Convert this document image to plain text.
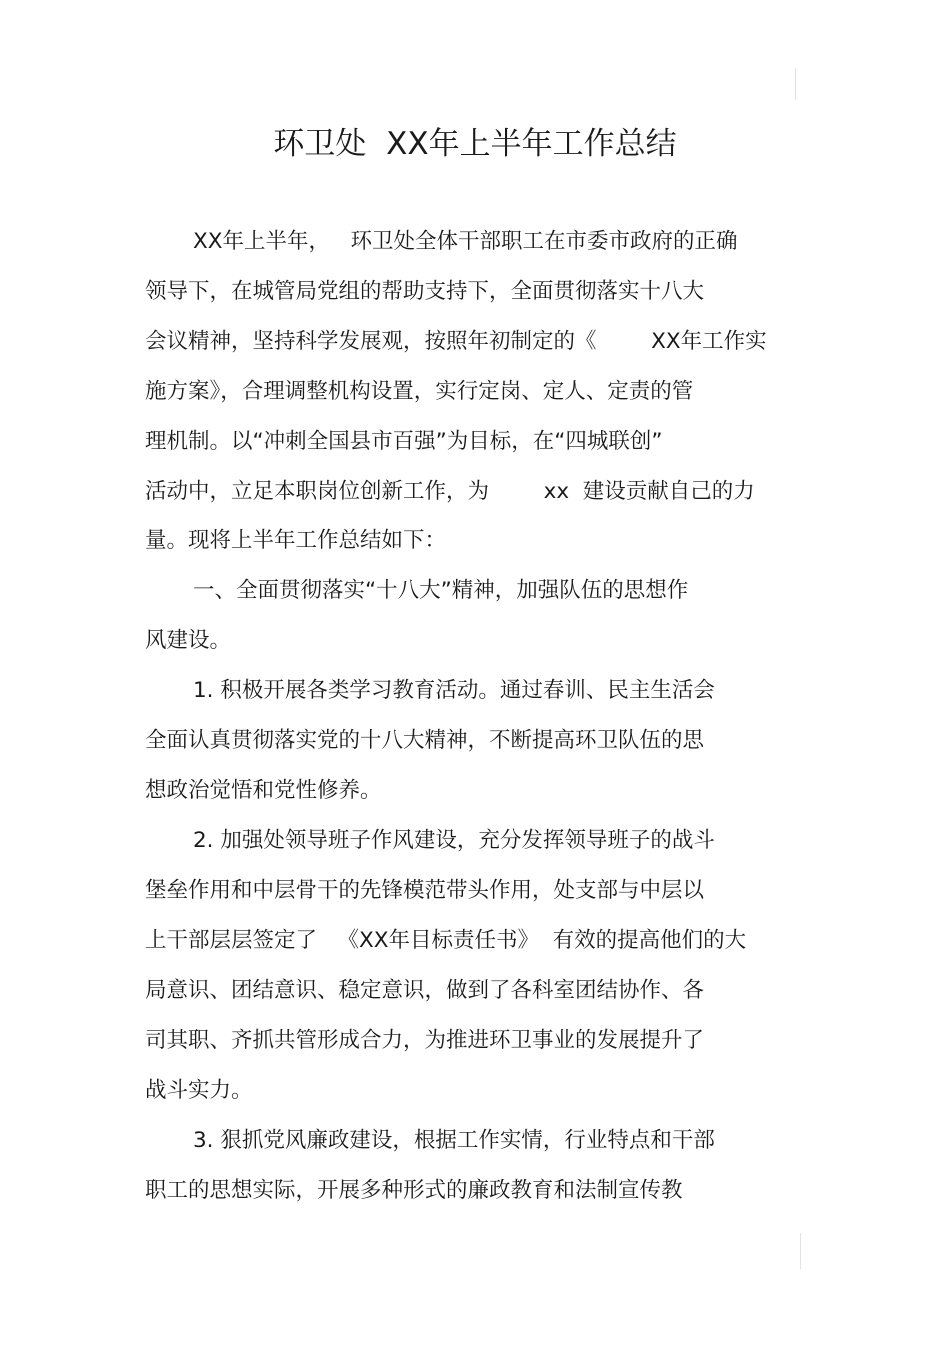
环卫处  XX年上半年工作总结
XX年上半年，   环卫处全体干部职工在市委市政府的正确
领导下，在城管局党组的帮助支持下，全面贯彻落实十八大
会议精神，坚持科学发展观，按照年初制定的《        XX年工作实
施方案》，合理调整机构设置，实行定岗、定人、定责的管
理机制。以“冲刺全国县市百强”为目标，在“四城联创”
活动中，立足本职岗位创新工作，为        xx  建设贡献自己的力
量。现将上半年工作总结如下：
一、全面贯彻落实“十八大”精神，加强队伍的思想作
风建设。
1. 积极开展各类学习教育活动。通过春训、民主生活会
全面认真贯彻落实党的十八大精神，不断提高环卫队伍的思
想政治觉悟和党性修养。
2. 加强处领导班子作风建设，充分发挥领导班子的战斗
堡垒作用和中层骨干的先锋模范带头作用，处支部与中层以
上干部层层签定了   《XX年目标责任书》  有效的提高他们的大
局意识、团结意识、稳定意识，做到了各科室团结协作、各
司其职、齐抓共管形成合力，为推进环卫事业的发展提升了
战斗实力。
3. 狠抓党风廉政建设，根据工作实情，行业特点和干部
职工的思想实际，开展多种形式的廉政教育和法制宣传教
